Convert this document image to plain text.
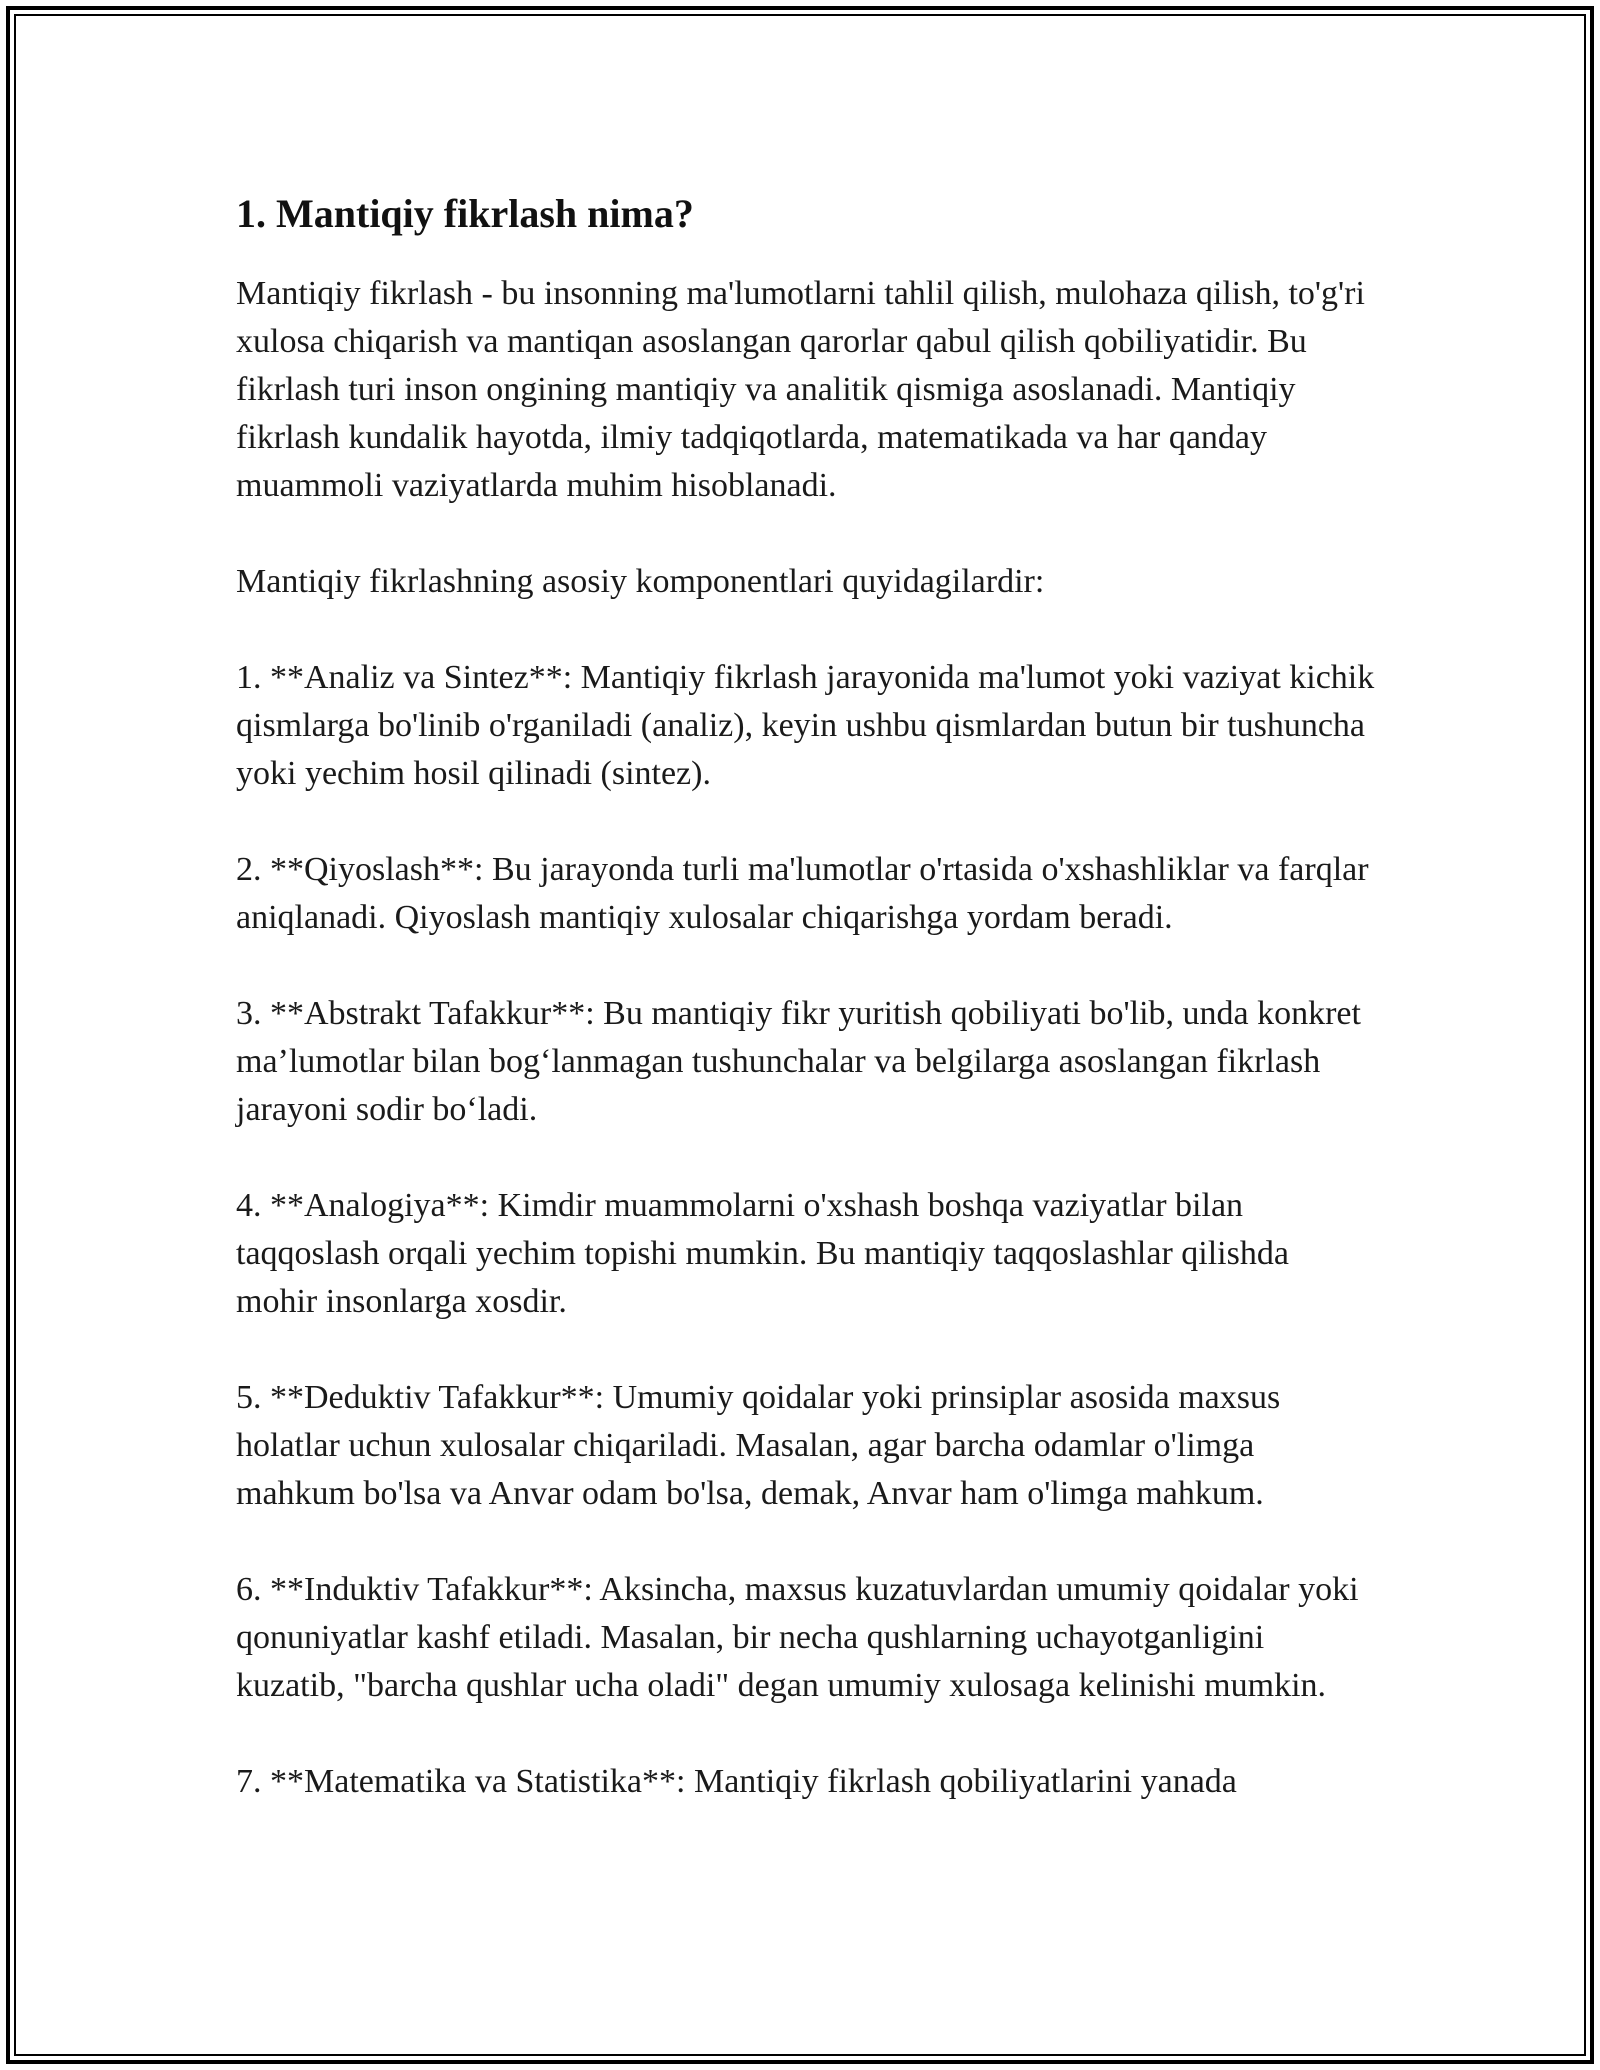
1. Mantiqiy fikrlash nima?

Mantiqiy fikrlash - bu insonning ma'lumotlarni tahlil qilish, mulohaza qilish, to'g'ri xulosa chiqarish va mantiqan asoslangan qarorlar qabul qilish qobiliyatidir. Bu fikrlash turi inson ongining mantiqiy va analitik qismiga asoslanadi. Mantiqiy fikrlash kundalik hayotda, ilmiy tadqiqotlarda, matematikada va har qanday muammoli vaziyatlarda muhim hisoblanadi.

Mantiqiy fikrlashning asosiy komponentlari quyidagilardir:

1. **Analiz va Sintez**: Mantiqiy fikrlash jarayonida ma'lumot yoki vaziyat kichik qismlarga bo'linib o'rganiladi (analiz), keyin ushbu qismlardan butun bir tushuncha yoki yechim hosil qilinadi (sintez).

2. **Qiyoslash**: Bu jarayonda turli ma'lumotlar o'rtasida o'xshashliklar va farqlar aniqlanadi. Qiyoslash mantiqiy xulosalar chiqarishga yordam beradi.

3. **Abstrakt Tafakkur**: Bu mantiqiy fikr yuritish qobiliyati bo'lib, unda konkret ma’lumotlar bilan bog‘lanmagan tushunchalar va belgilarga asoslangan fikrlash jarayoni sodir bo‘ladi.

4. **Analogiya**: Kimdir muammolarni o'xshash boshqa vaziyatlar bilan taqqoslash orqali yechim topishi mumkin. Bu mantiqiy taqqoslashlar qilishda mohir insonlarga xosdir.

5. **Deduktiv Tafakkur**: Umumiy qoidalar yoki prinsiplar asosida maxsus holatlar uchun xulosalar chiqariladi. Masalan, agar barcha odamlar o'limga mahkum bo'lsa va Anvar odam bo'lsa, demak, Anvar ham o'limga mahkum.

6. **Induktiv Tafakkur**: Aksincha, maxsus kuzatuvlardan umumiy qoidalar yoki qonuniyatlar kashf etiladi. Masalan, bir necha qushlarning uchayotganligini kuzatib, "barcha qushlar ucha oladi" degan umumiy xulosaga kelinishi mumkin.

7. **Matematika va Statistika**: Mantiqiy fikrlash qobiliyatlarini yanada
